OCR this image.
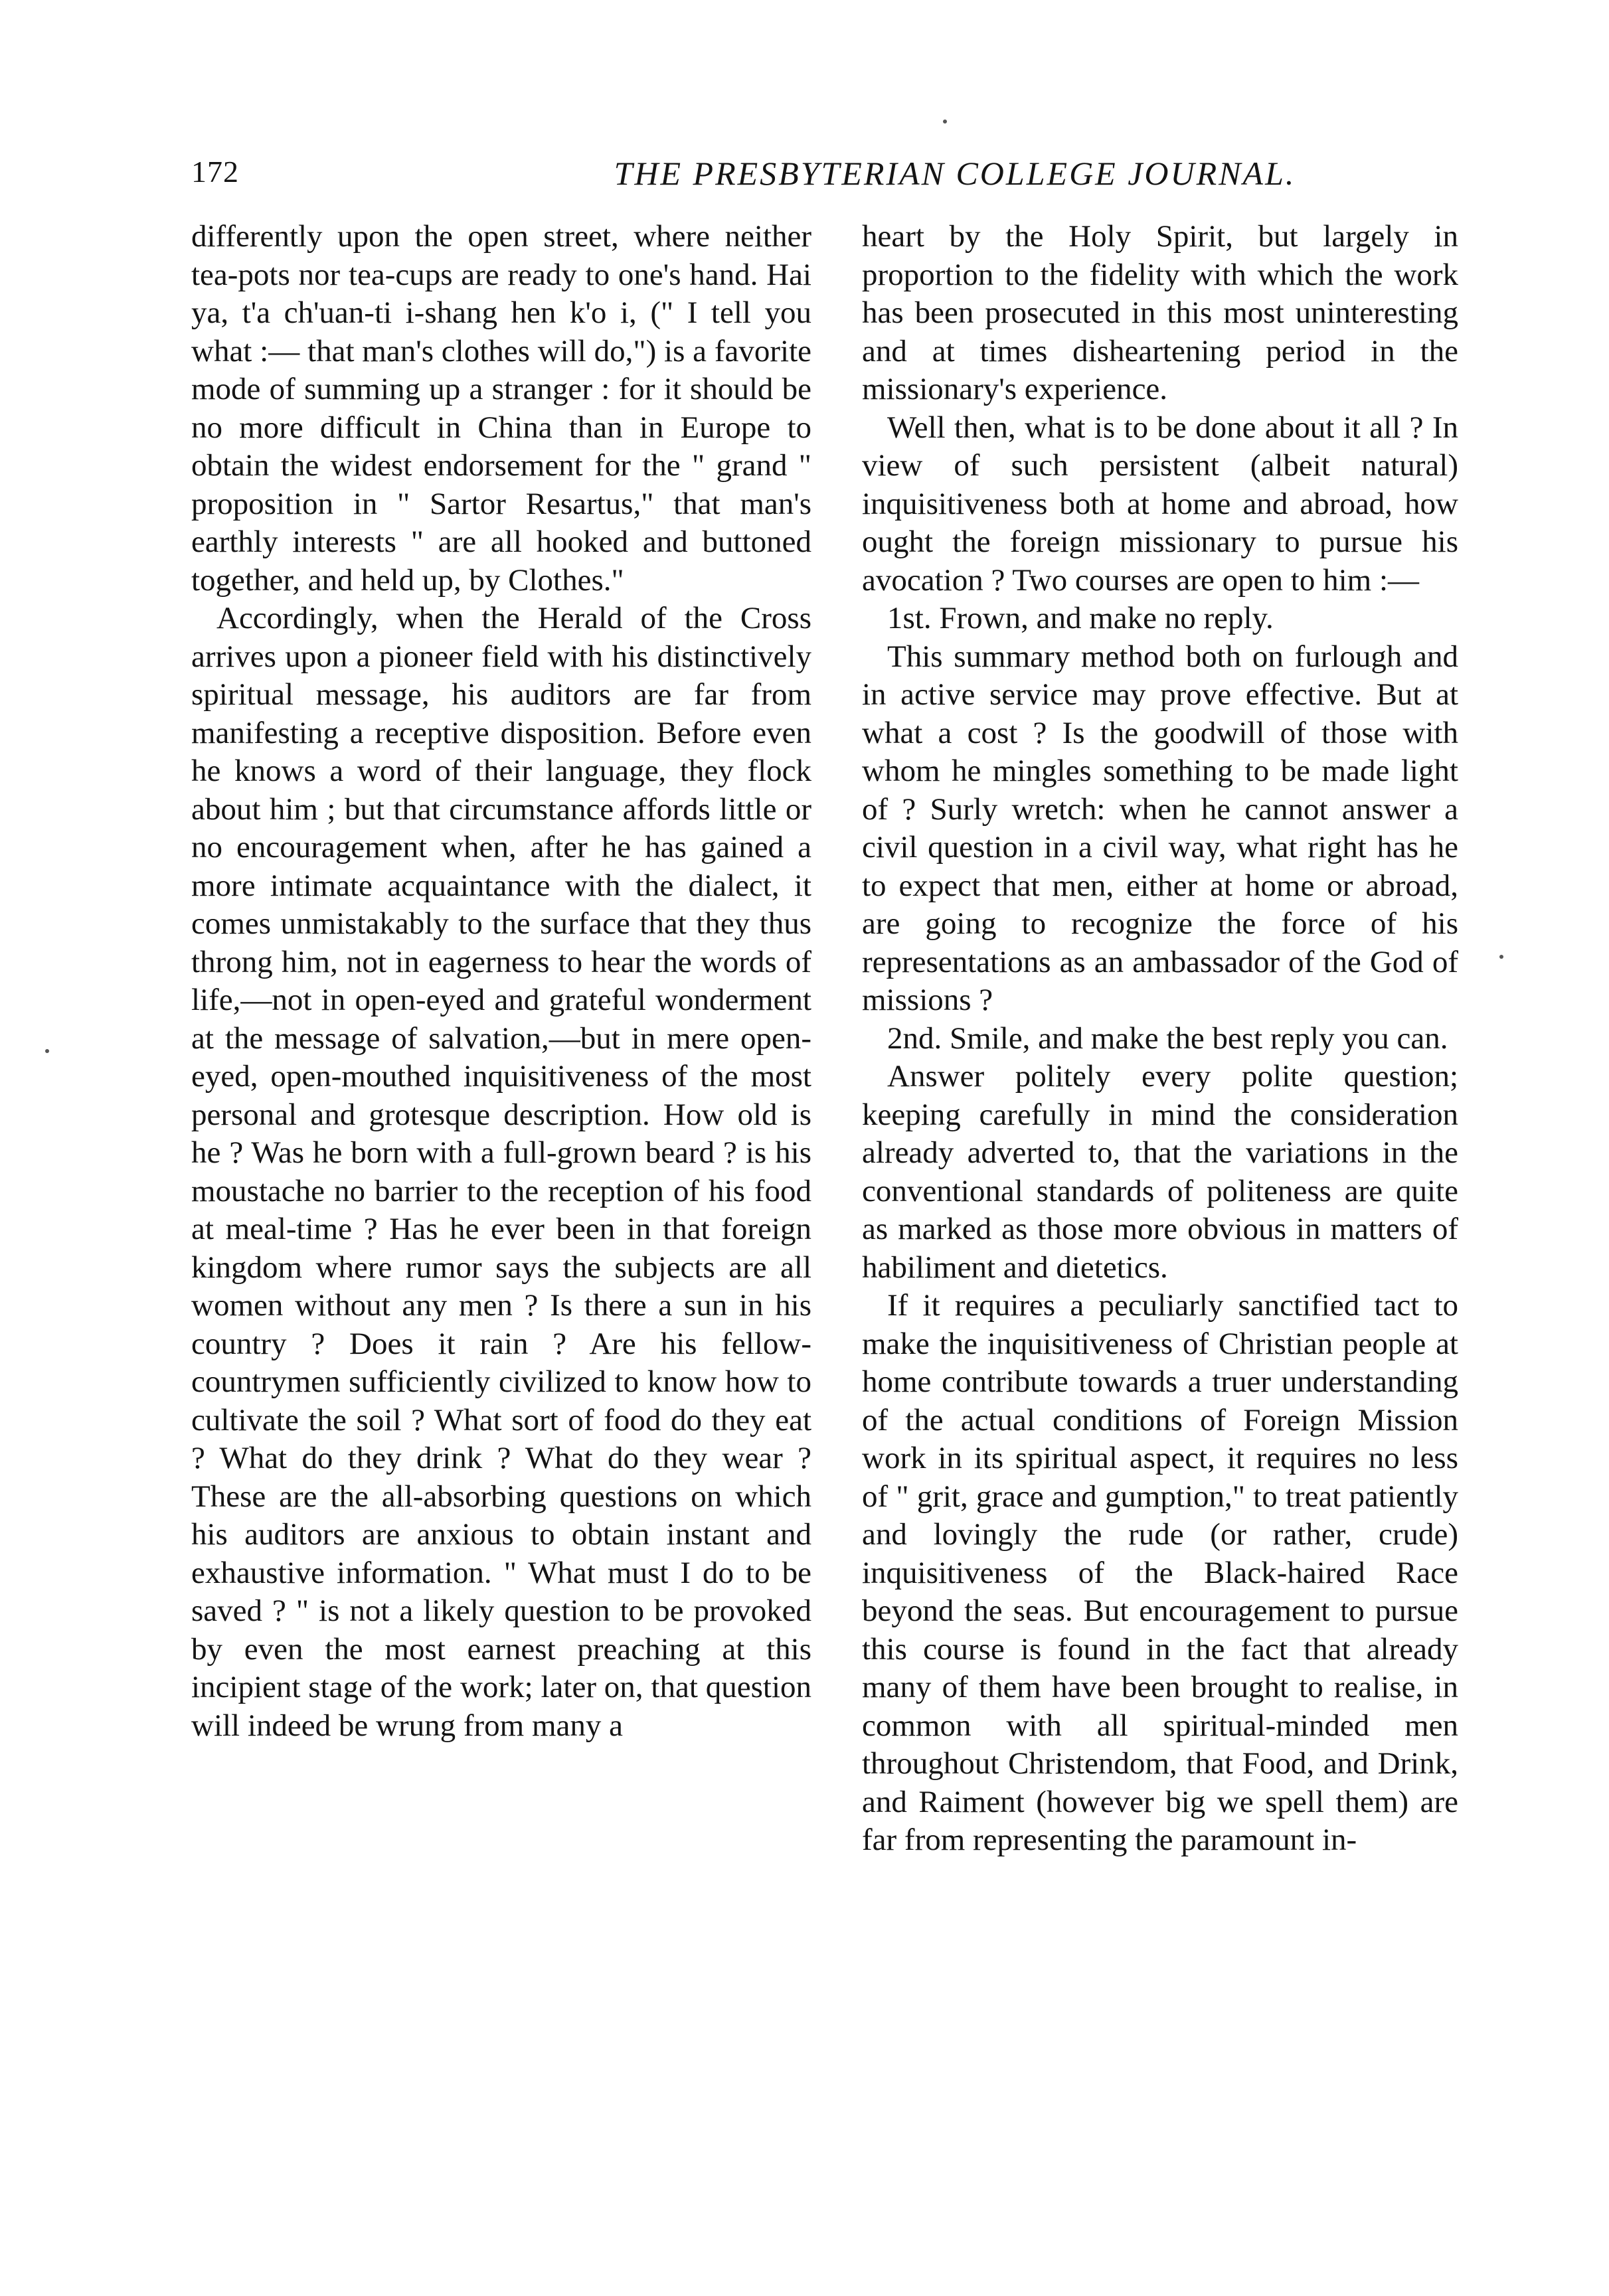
172	THE PRESBYTERIAN COLLEGE JOURNAL.

differently upon the open street, where neither tea-pots nor tea-cups are ready to one's hand. Hai ya, t'a ch'uan-ti i-shang hen k'o i, (" I tell you what :— that man's clothes will do,") is a favorite mode of summing up a stranger : for it should be no more difficult in China than in Europe to obtain the widest endorsement for the " grand " proposition in " Sartor Resartus," that man's earthly interests " are all hooked and buttoned together, and held up, by Clothes."

Accordingly, when the Herald of the Cross arrives upon a pioneer field with his distinctively spiritual message, his auditors are far from manifesting a receptive disposition. Before even he knows a word of their language, they flock about him ; but that circumstance affords little or no encouragement when, after he has gained a more intimate acquaintance with the dialect, it comes unmistakably to the surface that they thus throng him, not in eagerness to hear the words of life,—not in open-eyed and grateful wonderment at the message of salvation,—but in mere open-eyed, open-mouthed inquisitiveness of the most personal and grotesque description. How old is he ? Was he born with a full-grown beard ? is his moustache no barrier to the reception of his food at meal-time ? Has he ever been in that foreign kingdom where rumor says the subjects are all women without any men ? Is there a sun in his country ? Does it rain ? Are his fellow-countrymen sufficiently civilized to know how to cultivate the soil ? What sort of food do they eat ? What do they drink ? What do they wear ? These are the all-absorbing questions on which his auditors are anxious to obtain instant and exhaustive information. " What must I do to be saved ? " is not a likely question to be provoked by even the most earnest preaching at this incipient stage of the work; later on, that question will indeed be wrung from many a

heart by the Holy Spirit, but largely in proportion to the fidelity with which the work has been prosecuted in this most uninteresting and at times disheartening period in the missionary's experience.

Well then, what is to be done about it all ? In view of such persistent (albeit natural) inquisitiveness both at home and abroad, how ought the foreign missionary to pursue his avocation ? Two courses are open to him :—

1st. Frown, and make no reply.

This summary method both on furlough and in active service may prove effective. But at what a cost ? Is the goodwill of those with whom he mingles something to be made light of ? Surly wretch: when he cannot answer a civil question in a civil way, what right has he to expect that men, either at home or abroad, are going to recognize the force of his representations as an ambassador of the God of missions ?

2nd. Smile, and make the best reply you can.

Answer politely every polite question; keeping carefully in mind the consideration already adverted to, that the variations in the conventional standards of politeness are quite as marked as those more obvious in matters of habiliment and dietetics.

If it requires a peculiarly sanctified tact to make the inquisitiveness of Christian people at home contribute towards a truer understanding of the actual conditions of Foreign Mission work in its spiritual aspect, it requires no less of " grit, grace and gumption," to treat patiently and lovingly the rude (or rather, crude) inquisitiveness of the Black-haired Race beyond the seas. But encouragement to pursue this course is found in the fact that already many of them have been brought to realise, in common with all spiritual-minded men throughout Christendom, that Food, and Drink, and Raiment (however big we spell them) are far from representing the paramount in-
